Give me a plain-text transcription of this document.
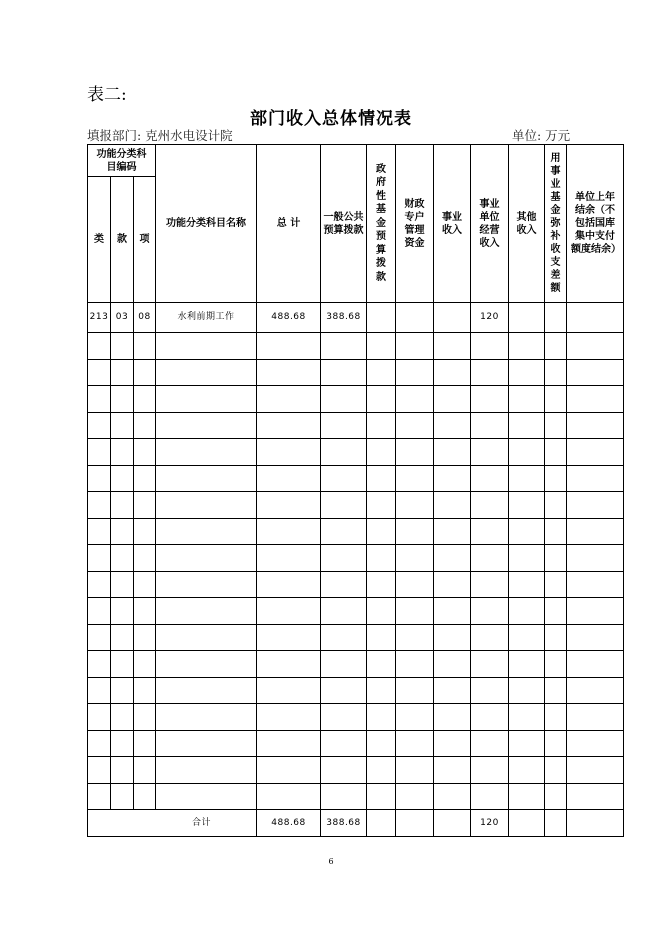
表二:
部门收入总体情况表
填报部门: 克州水电设计院	单位: 万元
功能分类科目编码			功能分类科目名称	总 计	一般公共预算拨款	政府性基金预算拨款	财政专户管理资金	事业收入	事业单位经营收入	其他收入	用事业基金弥补收支差额	单位上年结余（不包括国库集中支付额度结余）

类	款	项										
213	03	08	水利前期工作	488.68	388.68				120			

合计				488.68	388.68				120			
6
